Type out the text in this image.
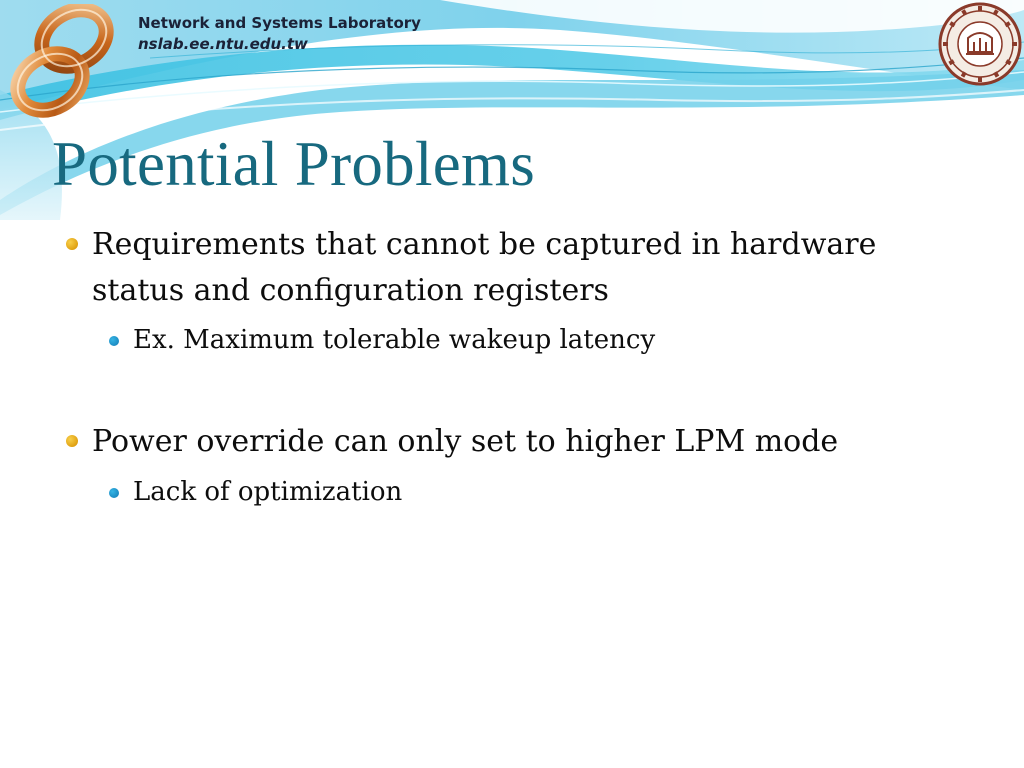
Network and Systems Laboratory
nslab.ee.ntu.edu.tw
Potential Problems
Requirements that cannot be captured in hardware
status and configuration registers
Ex. Maximum tolerable wakeup latency
Power override can only set to higher LPM mode
Lack of optimization
